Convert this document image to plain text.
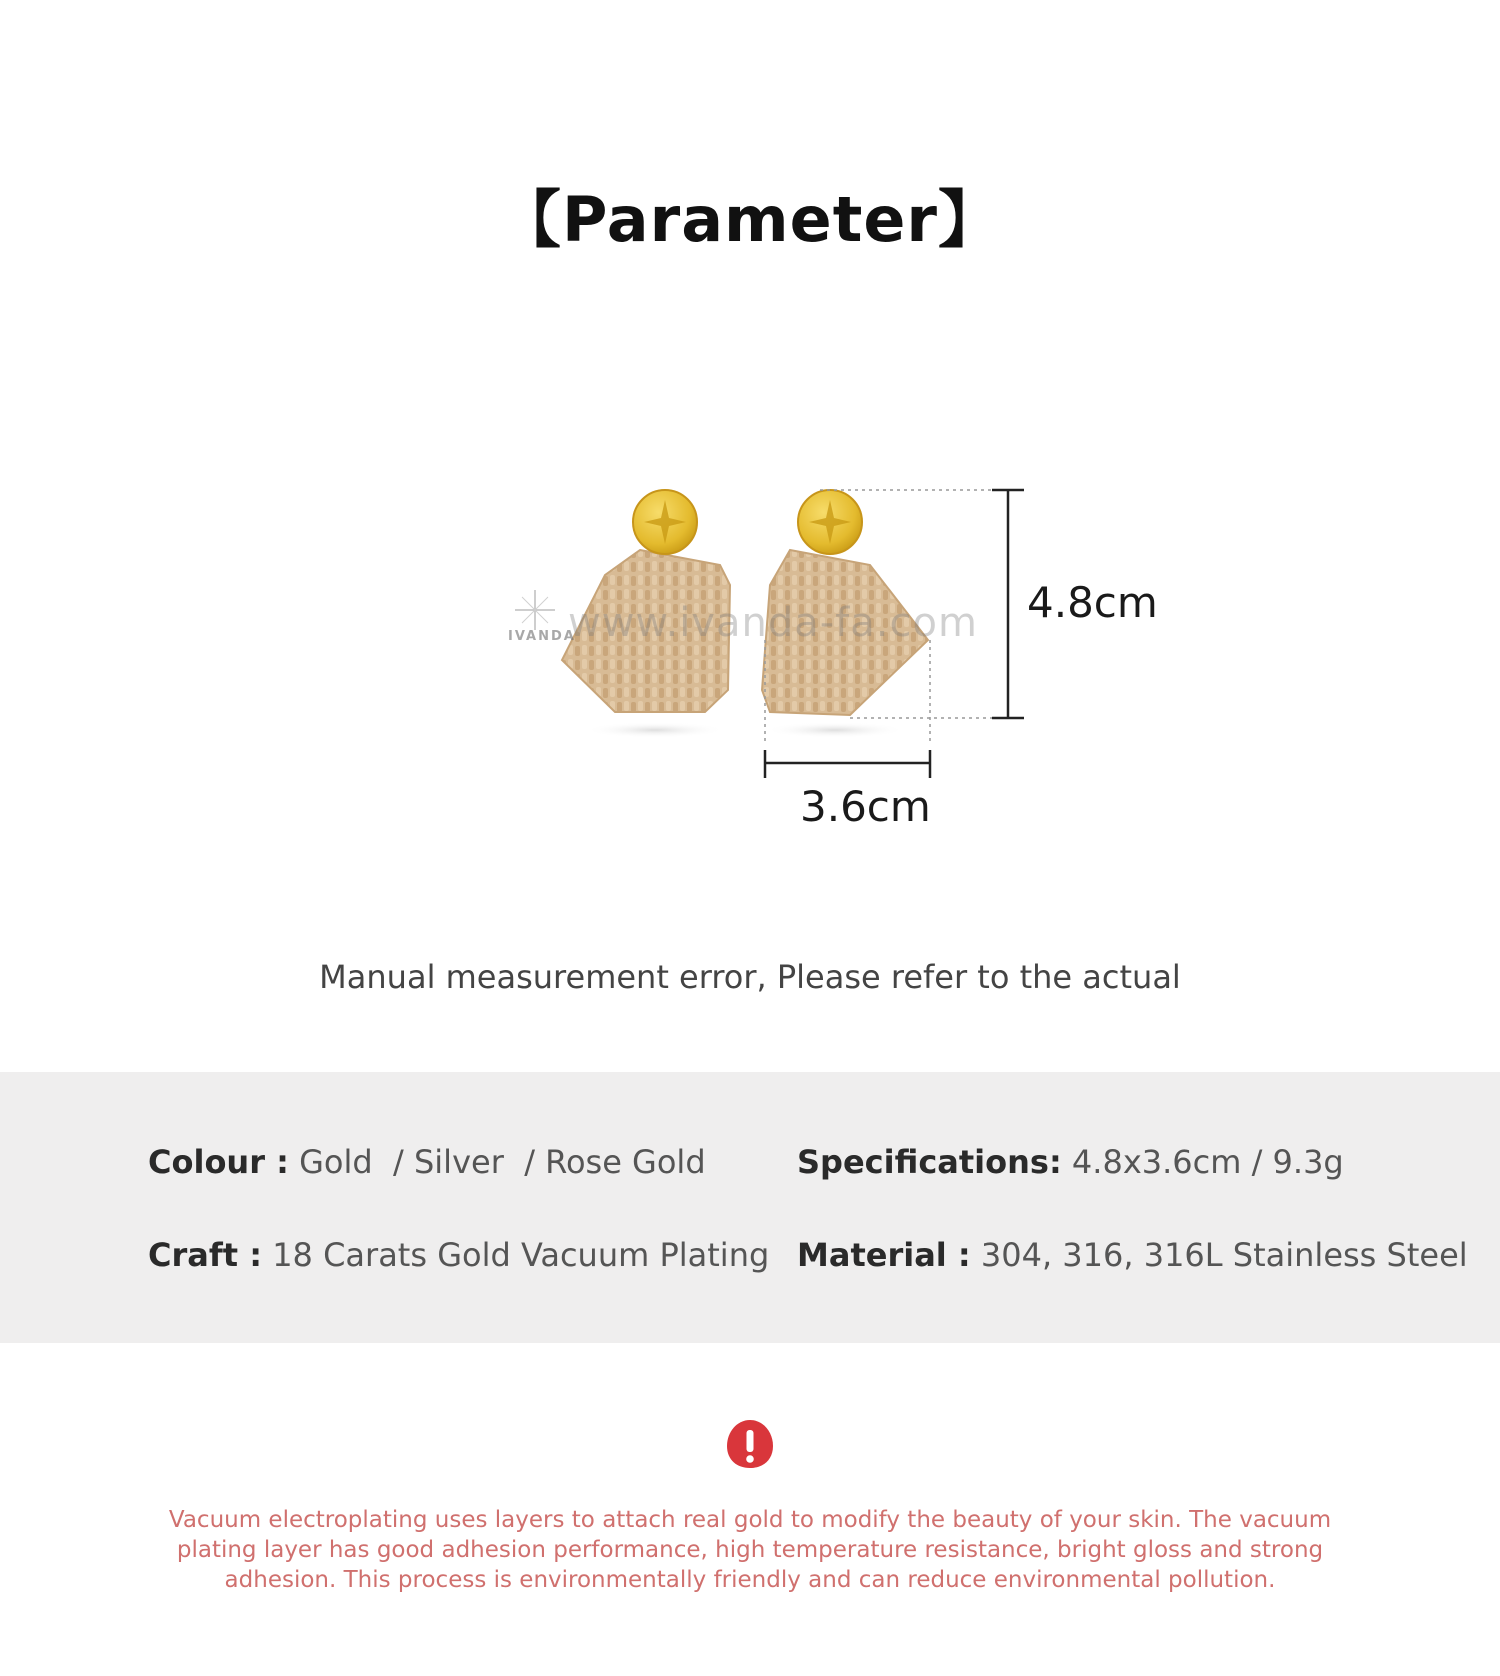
【Parameter】
www.ivanda-fa.com
IVANDA
4.8cm
3.6cm
Manual measurement error, Please refer to the actual
Colour : Gold  / Silver  / Rose Gold	Specifications: 4.8x3.6cm / 9.3g
Craft : 18 Carats Gold Vacuum Plating Material : 304, 316, 316L Stainless Steel
Vacuum electroplating uses layers to attach real gold to modify the beauty of your skin. The vacuum plating layer has good adhesion performance, high temperature resistance, bright gloss and strong adhesion. This process is environmentally friendly and can reduce environmental pollution.
